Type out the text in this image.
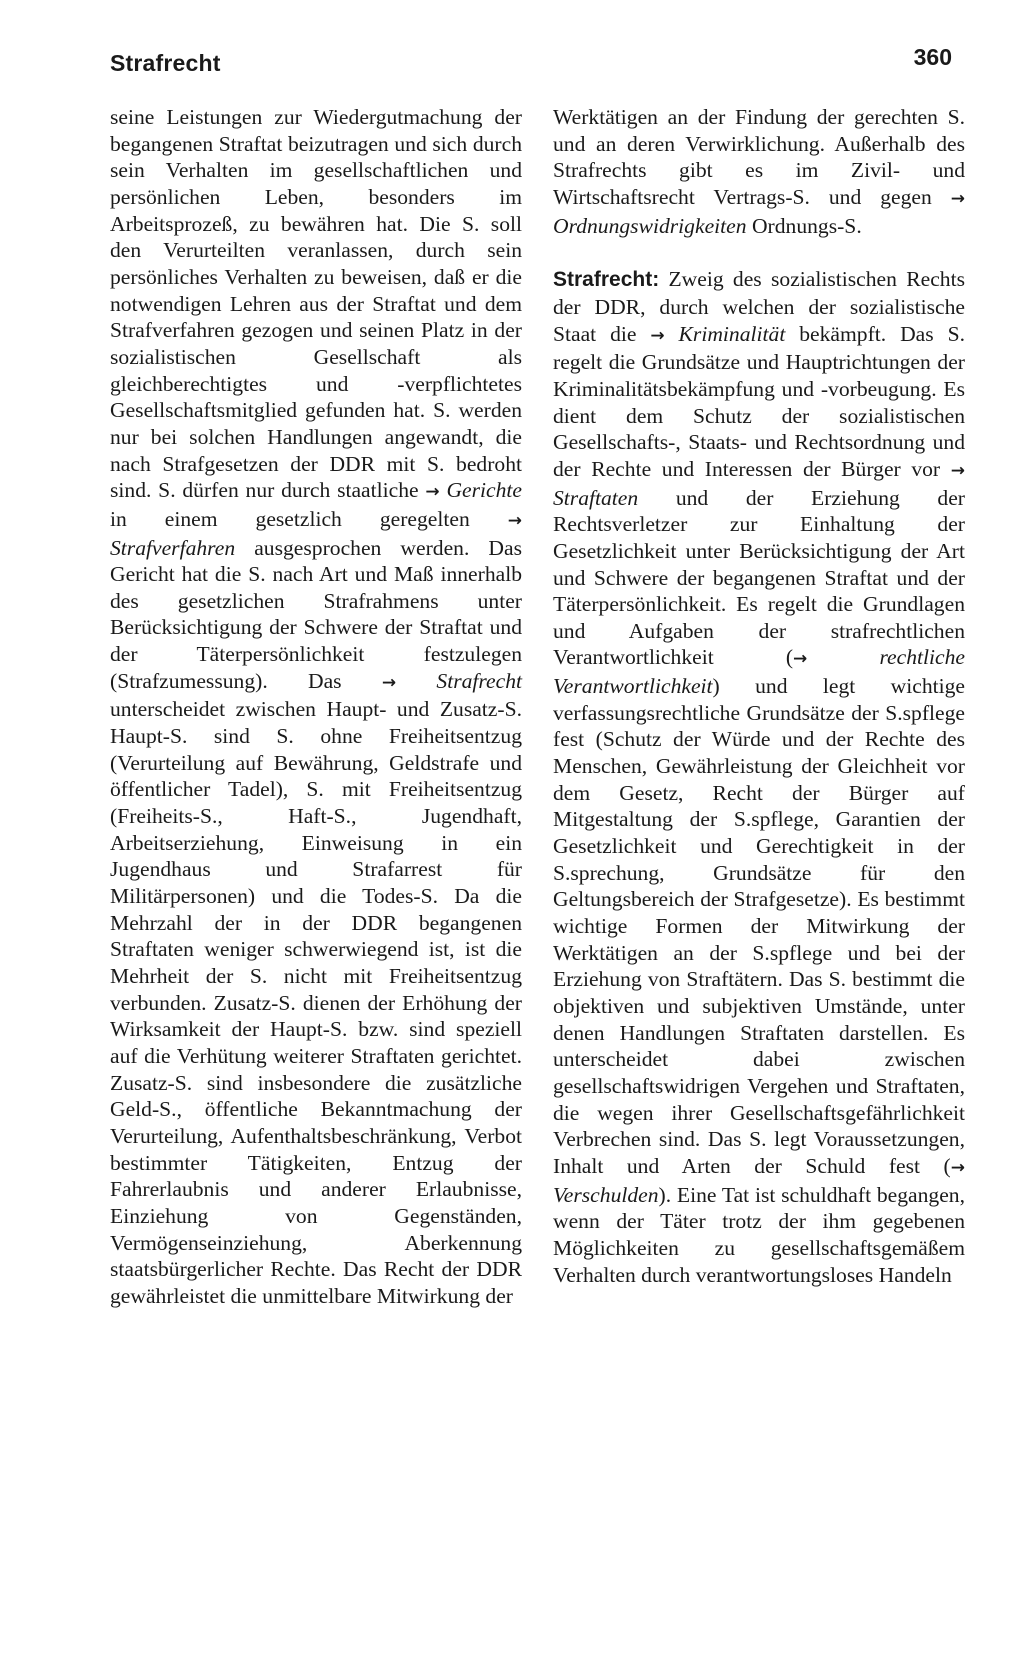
Strafrecht	360

seine Leistungen zur Wiedergutmachung der begangenen Straftat beizutragen und sich durch sein Verhalten im gesellschaftlichen und persönlichen Leben, besonders im Arbeitsprozeß, zu bewähren hat. Die S. soll den Verurteilten veranlassen, durch sein persönliches Verhalten zu beweisen, daß er die notwendigen Lehren aus der Straftat und dem Strafverfahren gezogen und seinen Platz in der sozialistischen Gesellschaft als gleichberechtigtes und -verpflichtetes Gesellschaftsmitglied gefunden hat. S. werden nur bei solchen Handlungen angewandt, die nach Strafgesetzen der DDR mit S. bedroht sind. S. dürfen nur durch staatliche → Gerichte in einem gesetzlich geregelten → Strafverfahren ausgesprochen werden. Das Gericht hat die S. nach Art und Maß innerhalb des gesetzlichen Strafrahmens unter Berücksichtigung der Schwere der Straftat und der Täterpersönlichkeit festzulegen (Strafzumessung). Das → Strafrecht unterscheidet zwischen Haupt- und Zusatz-S. Haupt-S. sind S. ohne Freiheitsentzug (Verurteilung auf Bewährung, Geldstrafe und öffentlicher Tadel), S. mit Freiheitsentzug (Freiheits-S., Haft-S., Jugendhaft, Arbeitserziehung, Einweisung in ein Jugendhaus und Strafarrest für Militärpersonen) und die Todes-S. Da die Mehrzahl der in der DDR begangenen Straftaten weniger schwerwiegend ist, ist die Mehrheit der S. nicht mit Freiheitsentzug verbunden. Zusatz-S. dienen der Erhöhung der Wirksamkeit der Haupt-S. bzw. sind speziell auf die Verhütung weiterer Straftaten gerichtet. Zusatz-S. sind insbesondere die zusätzliche Geld-S., öffentliche Bekanntmachung der Verurteilung, Aufenthaltsbeschränkung, Verbot bestimmter Tätigkeiten, Entzug der Fahrerlaubnis und anderer Erlaubnisse, Einziehung von Gegenständen, Vermögenseinziehung, Aberkennung staatsbürgerlicher Rechte. Das Recht der DDR gewährleistet die unmittelbare Mitwirkung der

Werktätigen an der Findung der gerechten S. und an deren Verwirklichung. Außerhalb des Strafrechts gibt es im Zivil- und Wirtschaftsrecht Vertrags-S. und gegen → Ordnungswidrigkeiten Ordnungs-S.

Strafrecht: Zweig des sozialistischen Rechts der DDR, durch welchen der sozialistische Staat die → Kriminalität bekämpft. Das S. regelt die Grundsätze und Hauptrichtungen der Kriminalitätsbekämpfung und -vorbeugung. Es dient dem Schutz der sozialistischen Gesellschafts-, Staats- und Rechtsordnung und der Rechte und Interessen der Bürger vor → Straftaten und der Erziehung der Rechtsverletzer zur Einhaltung der Gesetzlichkeit unter Berücksichtigung der Art und Schwere der begangenen Straftat und der Täterpersönlichkeit. Es regelt die Grundlagen und Aufgaben der strafrechtlichen Verantwortlichkeit (→	rechtliche Verantwortlichkeit) und legt wichtige verfassungsrechtliche Grundsätze der S.spflege fest (Schutz der Würde und der Rechte des Menschen, Gewährleistung der Gleichheit vor dem Gesetz, Recht der Bürger auf Mitgestaltung der S.spflege, Garantien der Gesetzlichkeit und Gerechtigkeit in der S.sprechung, Grundsätze für den Geltungsbereich der Strafgesetze). Es bestimmt wichtige Formen der Mitwirkung der Werktätigen an der S.spflege und bei der Erziehung von Straftätern. Das S. bestimmt die objektiven und subjektiven Umstände, unter denen Handlungen Straftaten darstellen. Es unterscheidet dabei zwischen gesellschaftswidrigen Vergehen und Straftaten, die wegen ihrer Gesellschaftsgefährlichkeit Verbrechen sind. Das S. legt Voraussetzungen, Inhalt und Arten der Schuld fest (→ Verschulden). Eine Tat ist schuldhaft begangen, wenn der Täter trotz der ihm gegebenen Möglichkeiten zu gesellschaftsgemäßem Verhalten durch verantwortungsloses Handeln
